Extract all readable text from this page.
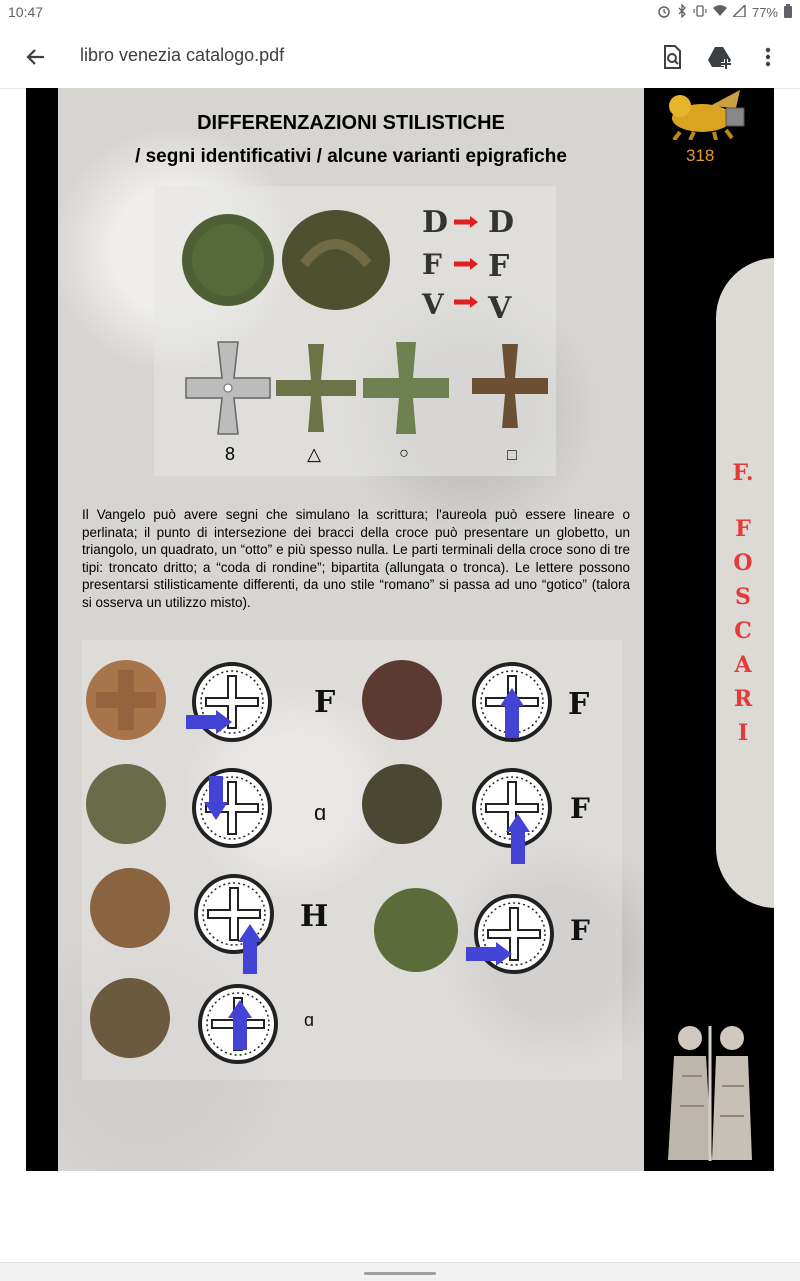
10:47	77%
libro venezia catalogo.pdf
318
F.
F
O
S
C
A
R
I
DIFFERENZAZIONI STILISTICHE
/ segni identificativi / alcune varianti epigrafiche
D D
F F
V V
8	△	○	□
Il Vangelo può avere segni che simulano la scrittura; l'aureola può essere lineare o perlinata; il punto di intersezione dei bracci della croce può presentare un globetto, un triangolo, un quadrato, un “otto” e più spesso nulla. Le parti terminali della croce sono di tre tipi: troncato dritto; a “coda di rondine”; bipartita (allungata o tronca). Le lettere possono presentarsi stilisticamente differenti, da uno stile “romano” si passa ad uno “gotico” (talora si osserva un utilizzo misto).
F	F
ɑ	F
H	F
ɑ
